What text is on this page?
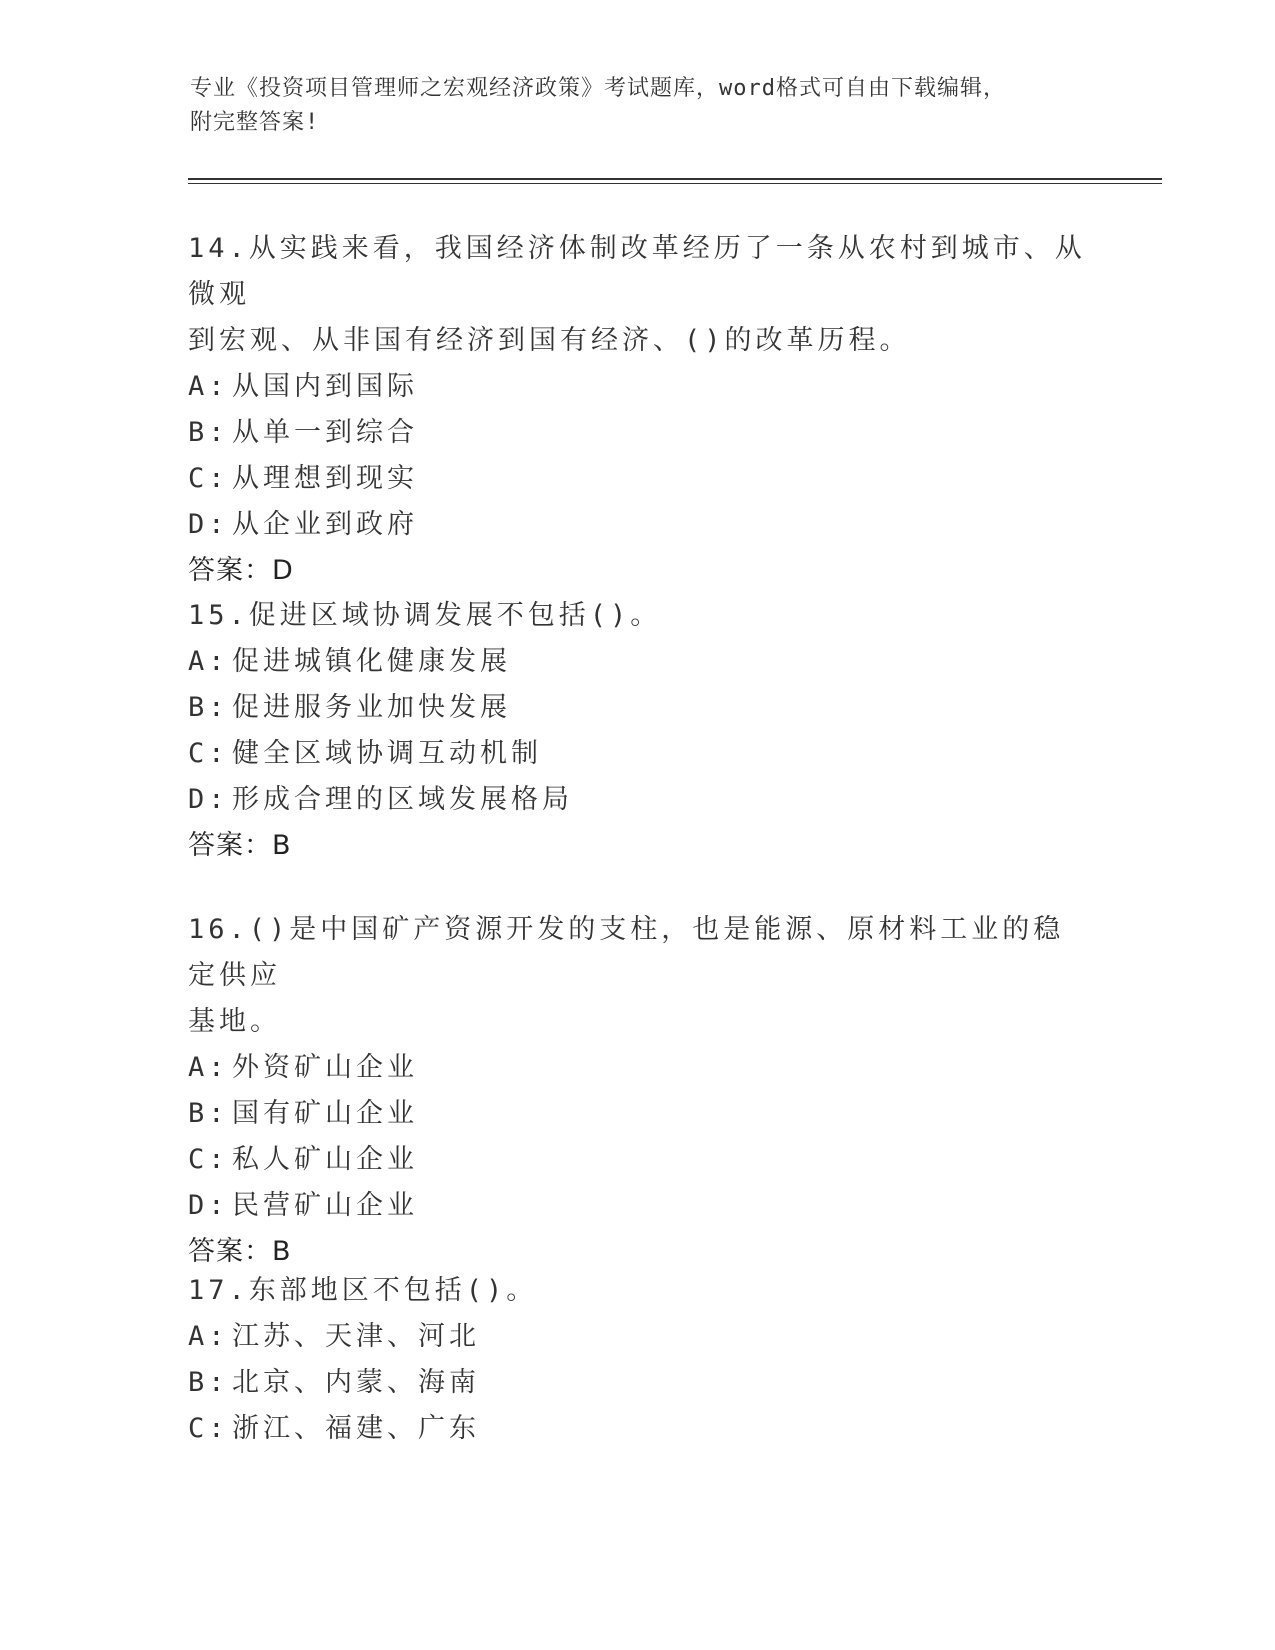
专业《投资项目管理师之宏观经济政策》考试题库，word格式可自由下载编辑，
附完整答案!

14.从实践来看，我国经济体制改革经历了一条从农村到城市、从微观

到宏观、从非国有经济到国有经济、()的改革历程。

A: 从国内到国际

B: 从单一到综合

C: 从理想到现实

D: 从企业到政府

答案：D

15.促进区域协调发展不包括()。

A: 促进城镇化健康发展

B: 促进服务业加快发展

C: 健全区域协调互动机制

D: 形成合理的区域发展格局

答案：B

16.()是中国矿产资源开发的支柱，也是能源、原材料工业的稳定供应

基地。

A: 外资矿山企业

B: 国有矿山企业

C: 私人矿山企业

D: 民营矿山企业

答案：B

17.东部地区不包括()。

A: 江苏、天津、河北

B: 北京、内蒙、海南

C: 浙江、福建、广东
